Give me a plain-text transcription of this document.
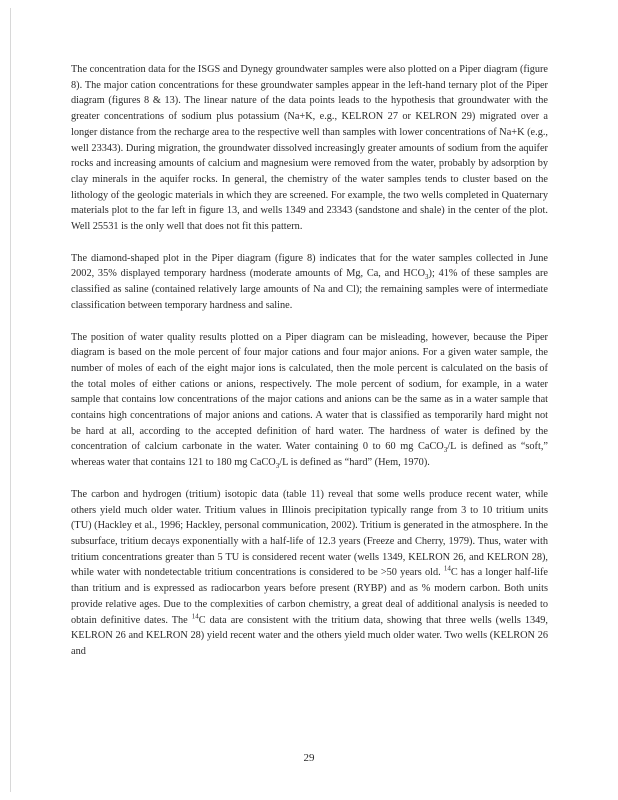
The concentration data for the ISGS and Dynegy groundwater samples were also plotted on a Piper diagram (figure 8). The major cation concentrations for these groundwater samples appear in the left-hand ternary plot of the Piper diagram (figures 8 & 13). The linear nature of the data points leads to the hypothesis that groundwater with the greater concentrations of sodium plus potassium (Na+K, e.g., KELRON 27 or KELRON 29) migrated over a longer distance from the recharge area to the respective well than samples with lower concentrations of Na+K (e.g., well 23343). During migration, the groundwater dissolved increasingly greater amounts of sodium from the aquifer rocks and increasing amounts of calcium and magnesium were removed from the water, probably by adsorption by clay minerals in the aquifer rocks. In general, the chemistry of the water samples tends to cluster based on the lithology of the geologic materials in which they are screened. For example, the two wells completed in Quaternary materials plot to the far left in figure 13, and wells 1349 and 23343 (sandstone and shale) in the center of the plot. Well 25531 is the only well that does not fit this pattern.

The diamond-shaped plot in the Piper diagram (figure 8) indicates that for the water samples collected in June 2002, 35% displayed temporary hardness (moderate amounts of Mg, Ca, and $HCO_3$); 41% of these samples are classified as saline (contained relatively large amounts of Na and Cl); the remaining samples were of intermediate classification between temporary hardness and saline.

The position of water quality results plotted on a Piper diagram can be misleading, however, because the Piper diagram is based on the mole percent of four major cations and four major anions. For a given water sample, the number of moles of each of the eight major ions is calculated, then the mole percent is calculated on the basis of the total moles of either cations or anions, respectively. The mole percent of sodium, for example, in a water sample that contains low concentrations of the major cations and anions can be the same as in a water sample that contains high concentrations of major anions and cations. A water that is classified as temporarily hard might not be hard at all, according to the accepted definition of hard water. The hardness of water is defined by the concentration of calcium carbonate in the water. Water containing 0 to 60 mg CaCO$_3$/L is defined as “soft,” whereas water that contains 121 to 180 mg CaCO$_3$/L is defined as “hard” (Hem, 1970).

The carbon and hydrogen (tritium) isotopic data (table 11) reveal that some wells produce recent water, while others yield much older water. Tritium values in Illinois precipitation typically range from 3 to 10 tritium units (TU) (Hackley et al., 1996; Hackley, personal communication, 2002). Tritium is generated in the atmosphere. In the subsurface, tritium decays exponentially with a half-life of 12.3 years (Freeze and Cherry, 1979). Thus, water with tritium concentrations greater than 5 TU is considered recent water (wells 1349, KELRON 26, and KELRON 28), while water with nondetectable tritium concentrations is considered to be >50 years old. $^{14}$C has a longer half-life than tritium and is expressed as radiocarbon years before present (RYBP) and as % modern carbon. Both units provide relative ages. Due to the complexities of carbon chemistry, a great deal of additional analysis is needed to obtain definitive dates. The $^{14}$C data are consistent with the tritium data, showing that three wells (wells 1349, KELRON 26 and KELRON 28) yield recent water and the others yield much older water. Two wells (KELRON 26 and

29
